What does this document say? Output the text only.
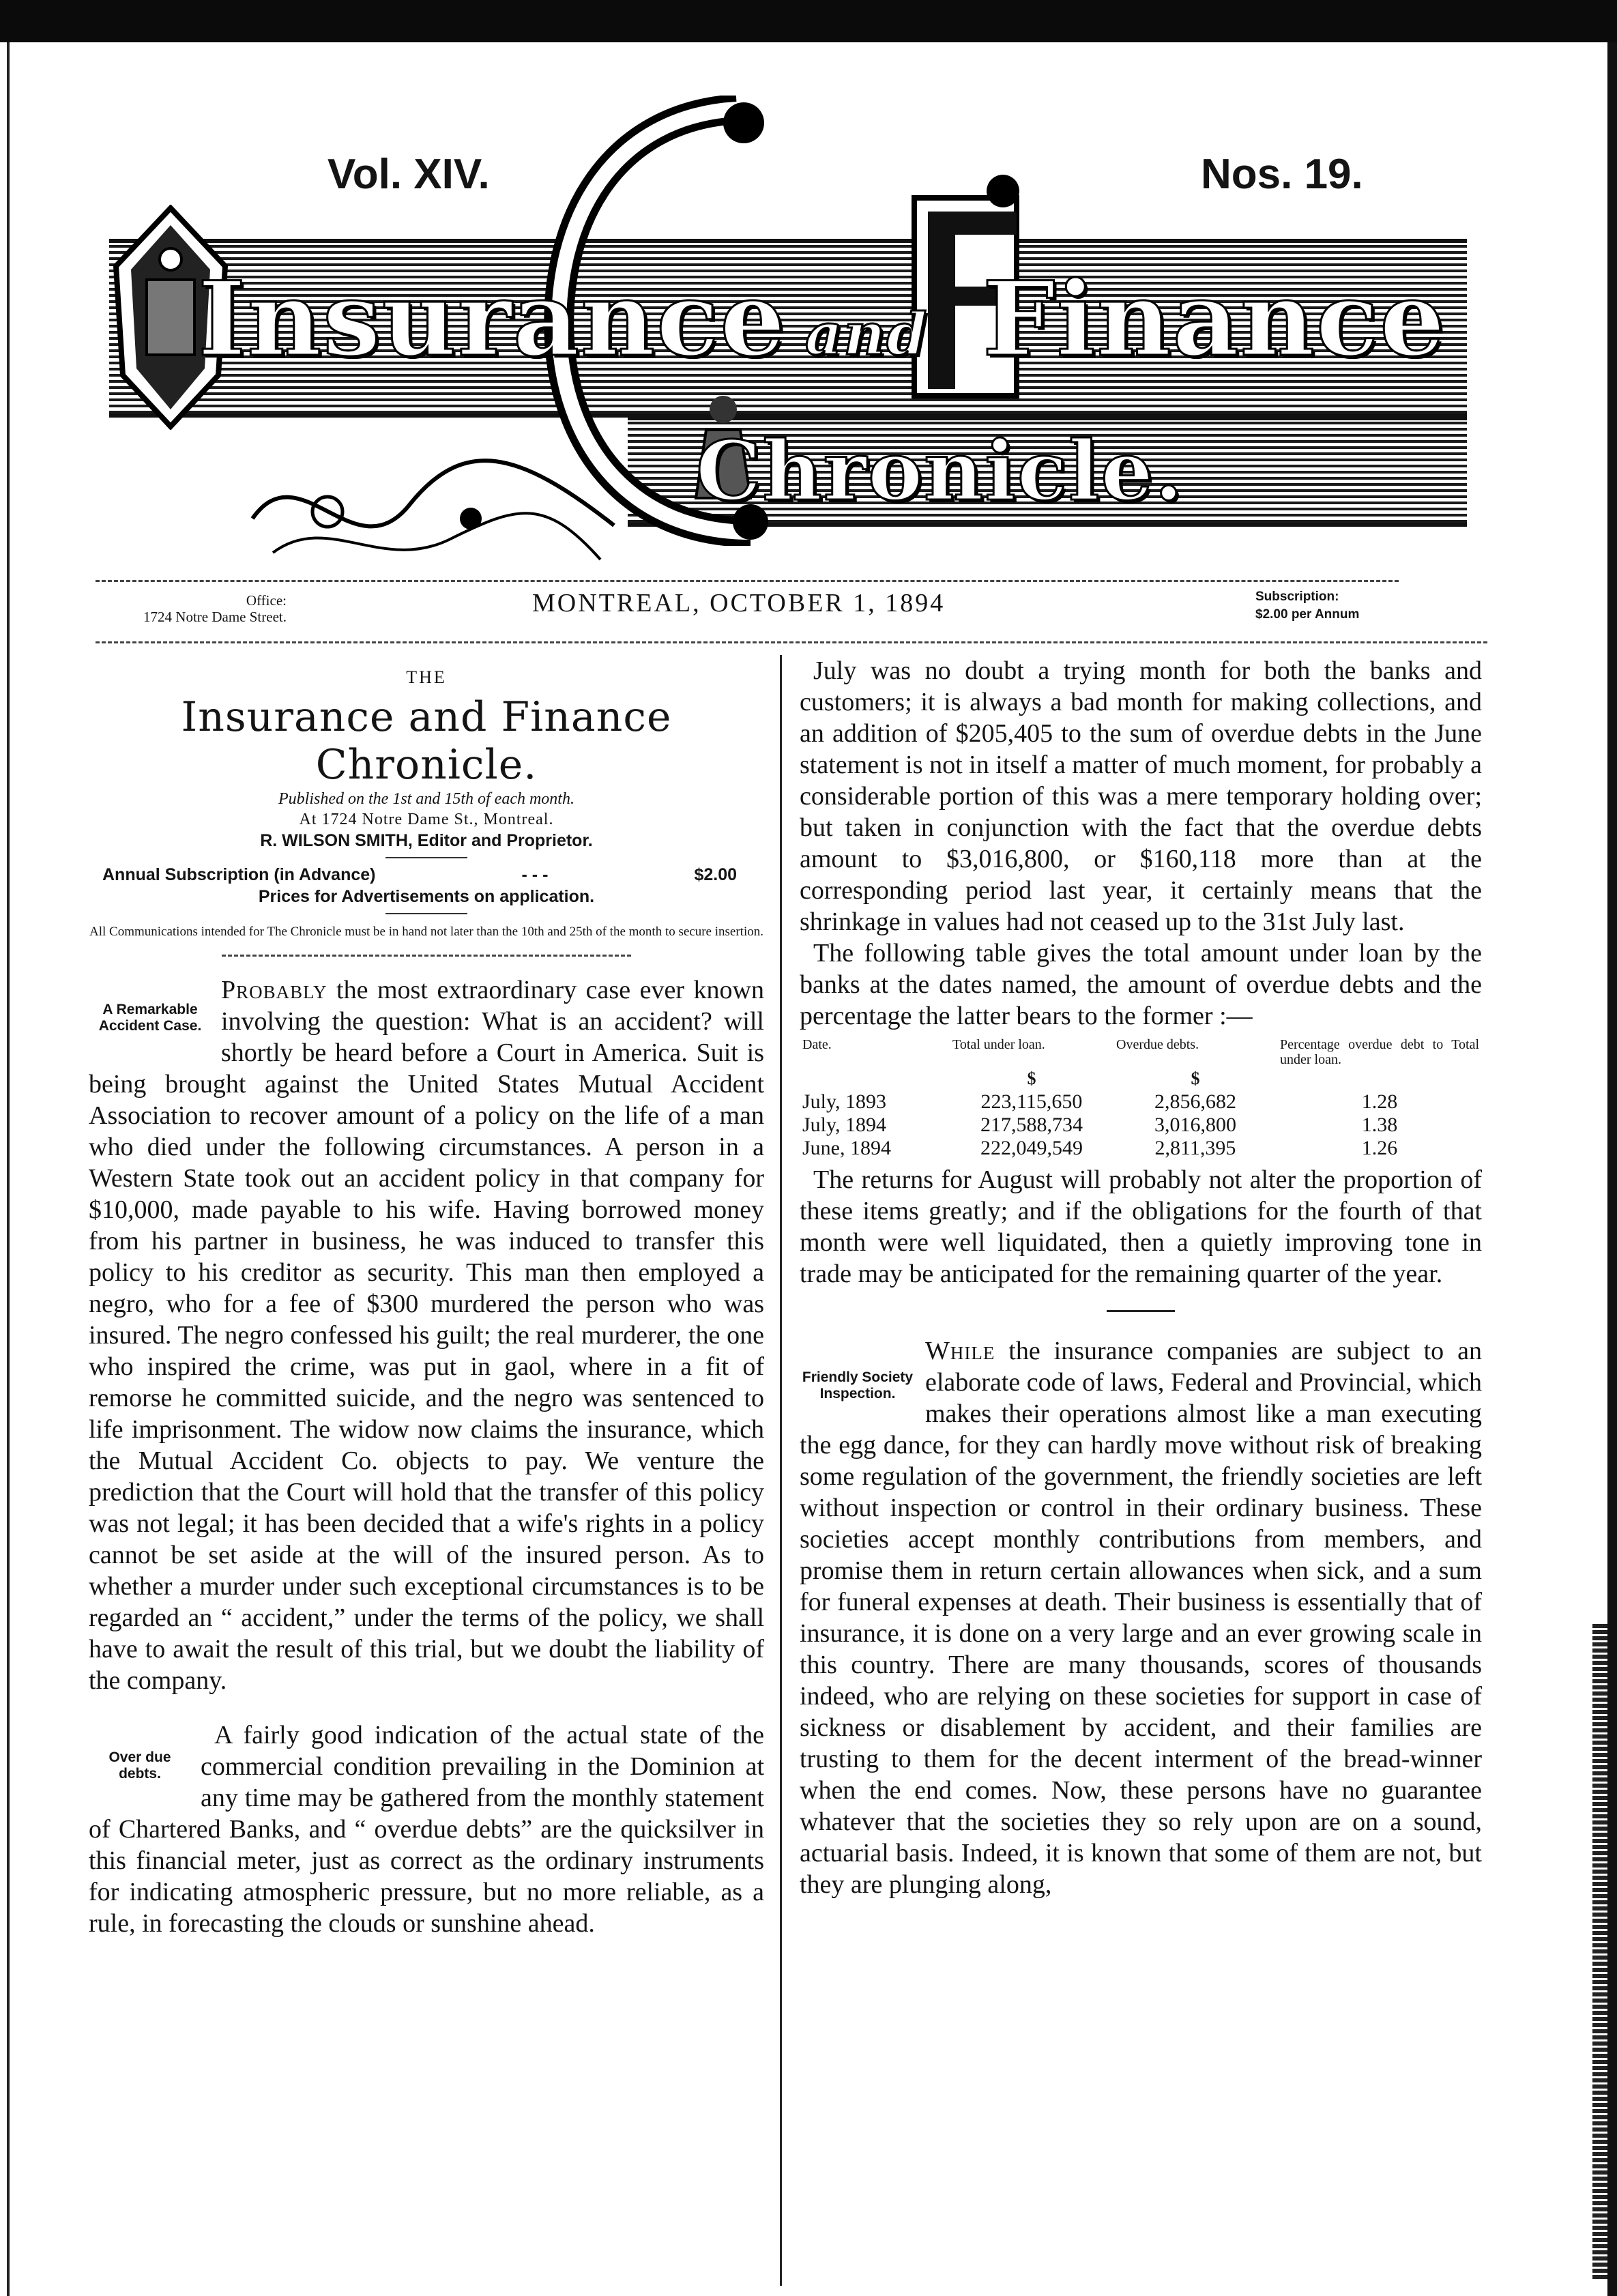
Vol. XIV.	Nos. 19.
Insurance and Finance
Chronicle.
Office:
1724 Notre Dame Street.	MONTREAL, OCTOBER 1, 1894	Subscription:
$2.00 per Annum
THE
Insurance and Finance Chronicle.
Published on the 1st and 15th of each month.
At 1724 Notre Dame St., Montreal.
R. WILSON SMITH, Editor and Proprietor.
Annual Subscription (in Advance)	- - -	$2.00
Prices for Advertisements on application.
All Communications intended for The Chronicle must be in hand not later than the 10th and 25th of the month to secure insertion.
A Remarkable Accident Case.

Probably the most extraordinary case ever known involving the question: What is an accident? will shortly be heard before a Court in America. Suit is being brought against the United States Mutual Accident Association to recover amount of a policy on the life of a man who died under the following circumstances. A person in a Western State took out an accident policy in that company for $10,000, made payable to his wife. Having borrowed money from his partner in business, he was induced to transfer this policy to his creditor as security. This man then employed a negro, who for a fee of $300 murdered the person who was insured. The negro confessed his guilt; the real murderer, the one who inspired the crime, was put in gaol, where in a fit of remorse he committed suicide, and the negro was sentenced to life imprisonment. The widow now claims the insurance, which the Mutual Accident Co. objects to pay. We venture the prediction that the Court will hold that the transfer of this policy was not legal; it has been decided that a wife's rights in a policy cannot be set aside at the will of the insured person. As to whether a murder under such exceptional circumstances is to be regarded an “ accident,” under the terms of the policy, we shall have to await the result of this trial, but we doubt the liability of the company.

Over due debts.

A fairly good indication of the actual state of the commercial condition prevailing in the Dominion at any time may be gathered from the monthly statement of Chartered Banks, and “ overdue debts” are the quicksilver in this financial meter, just as correct as the ordinary instruments for indicating atmospheric pressure, but no more reliable, as a rule, in forecasting the clouds or sunshine ahead.

July was no doubt a trying month for both the banks and customers; it is always a bad month for making collections, and an addition of $205,405 to the sum of overdue debts in the June statement is not in itself a matter of much moment, for probably a considerable portion of this was a mere temporary holding over; but taken in conjunction with the fact that the overdue debts amount to $3,016,800, or $160,118 more than at the corresponding period last year, it certainly means that the shrinkage in values had not ceased up to the 31st July last.

The following table gives the total amount under loan by the banks at the dates named, the amount of overdue debts and the percentage the latter bears to the former :—

Date.	Total under loan.	Overdue debts.	Percentage overdue debt to Total under loan.
	$	$	
July, 1893	223,115,650	2,856,682	1.28
July, 1894	217,588,734	3,016,800	1.38
June, 1894	222,049,549	2,811,395	1.26

The returns for August will probably not alter the proportion of these items greatly; and if the obligations for the fourth of that month were well liquidated, then a quietly improving tone in trade may be anticipated for the remaining quarter of the year.

Friendly Society Inspection.

While the insurance companies are subject to an elaborate code of laws, Federal and Provincial, which makes their operations almost like a man executing the egg dance, for they can hardly move without risk of breaking some regulation of the government, the friendly societies are left without inspection or control in their ordinary business. These societies accept monthly contributions from members, and promise them in return certain allowances when sick, and a sum for funeral expenses at death. Their business is essentially that of insurance, it is done on a very large and an ever growing scale in this country. There are many thousands, scores of thousands indeed, who are relying on these societies for support in case of sickness or disablement by accident, and their families are trusting to them for the decent interment of the bread-winner when the end comes. Now, these persons have no guarantee whatever that the societies they so rely upon are on a sound, actuarial basis. Indeed, it is known that some of them are not, but they are plunging along,
